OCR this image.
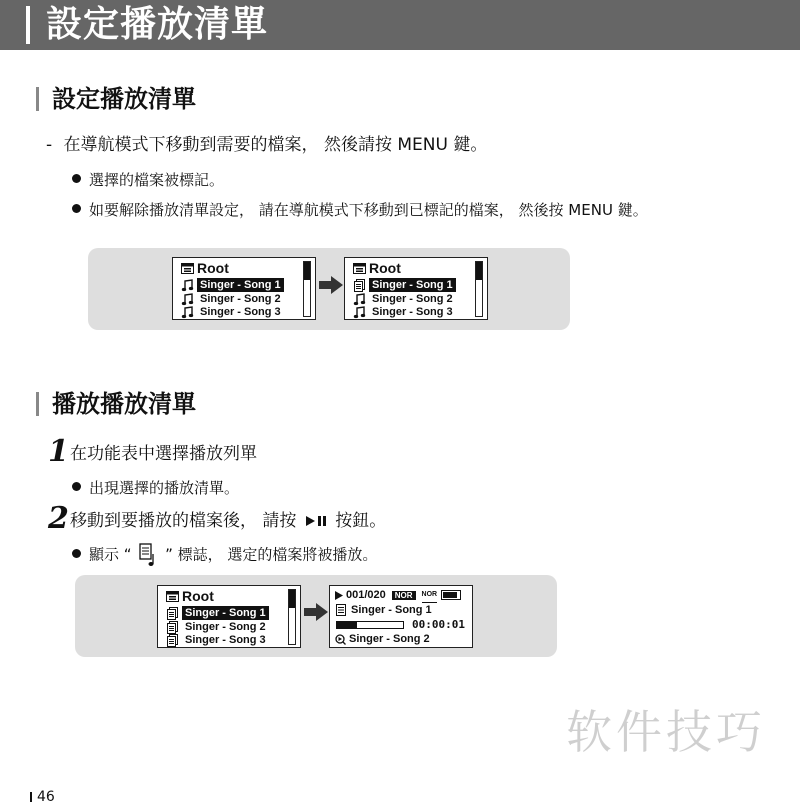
設定播放清單
設定播放清單
- 在導航模式下移動到需要的檔案， 然後請按 MENU 鍵。
選擇的檔案被標記。
如要解除播放清單設定， 請在導航模式下移動到已標記的檔案， 然後按 MENU 鍵。
Root
Singer - Song 1
Singer - Song 2
Singer - Song 3
Root
Singer - Song 1
Singer - Song 2
Singer - Song 3
播放播放清單
1 在功能表中選擇播放列單
出現選擇的播放清單。
2 移動到要播放的檔案後， 請按 按鈕。
顯示 “ ” 標誌， 選定的檔案將被播放。
Root
Singer - Song 1
Singer - Song 2
Singer - Song 3
001/020	NOR	NOR
Singer - Song 1
00:00:01
Singer - Song 2
软件技巧
46
